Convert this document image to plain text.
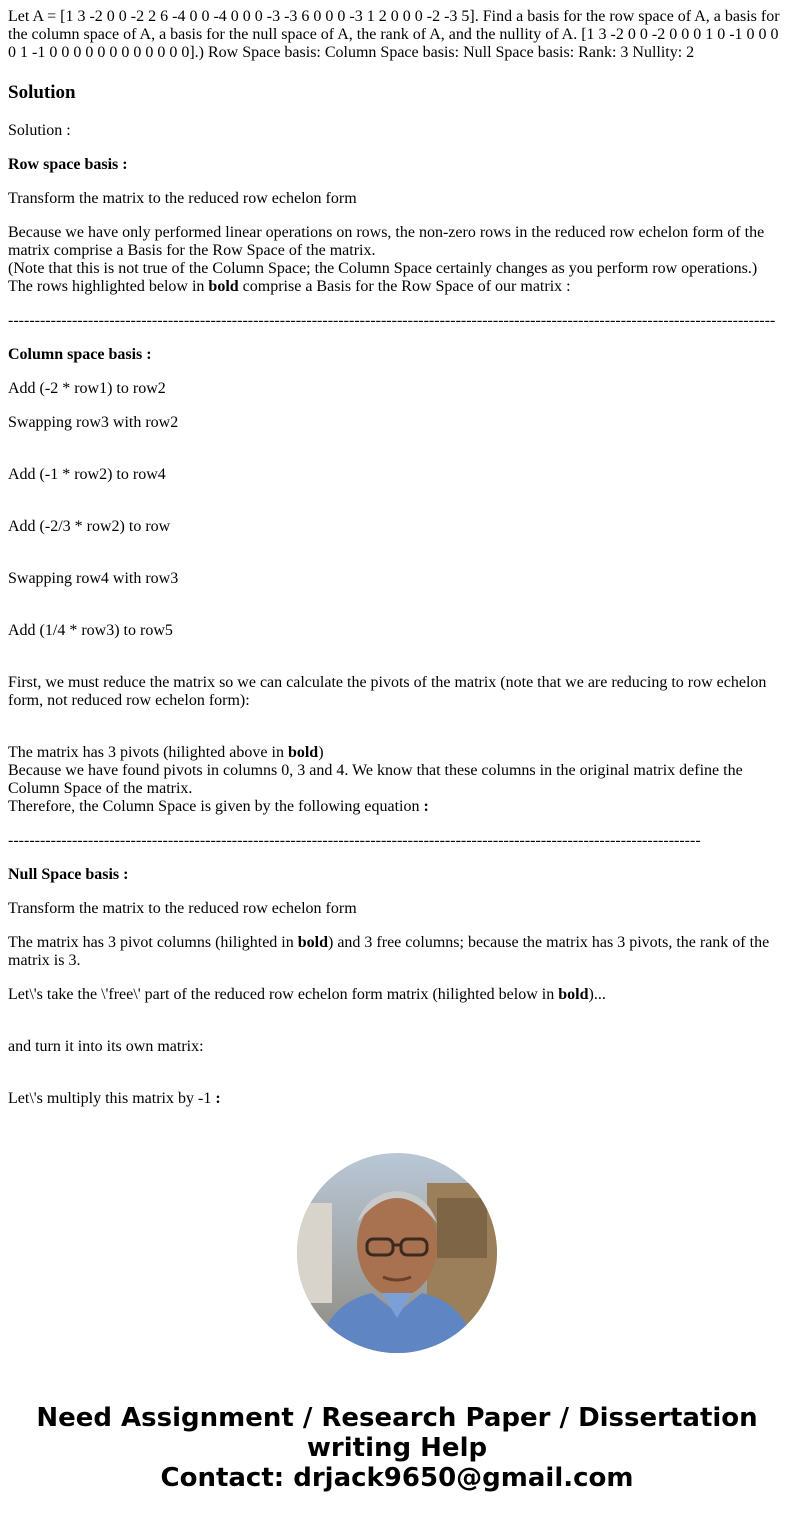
Let A = [1 3 -2 0 0 -2 2 6 -4 0 0 -4 0 0 0 -3 -3 6 0 0 0 -3 1 2 0 0 0 -2 -3 5]. Find a basis for the row space of A, a basis for the column space of A, a basis for the null space of A, the rank of A, and the nullity of A. [1 3 -2 0 0 -2 0 0 0 1 0 -1 0 0 0 0 1 -1 0 0 0 0 0 0 0 0 0 0 0 0].) Row Space basis: Column Space basis: Null Space basis: Rank: 3 Nullity: 2

Solution

Solution :

Row space basis :

Transform the matrix to the reduced row echelon form

Because we have only performed linear operations on rows, the non-zero rows in the reduced row echelon form of the matrix comprise a Basis for the Row Space of the matrix.
(Note that this is not true of the Column Space; the Column Space certainly changes as you perform row operations.)
The rows highlighted below in bold comprise a Basis for the Row Space of our matrix :

------------------------------------------------------------------------------------------------------------------------------------------------

Column space basis :

Add (-2 * row1) to row2

Swapping row3 with row2

Add (-1 * row2) to row4

Add (-2/3 * row2) to row

Swapping row4 with row3

Add (1/4 * row3) to row5

First, we must reduce the matrix so we can calculate the pivots of the matrix (note that we are reducing to row echelon form, not reduced row echelon form):

The matrix has 3 pivots (hilighted above in bold)
Because we have found pivots in columns 0, 3 and 4. We know that these columns in the original matrix define the Column Space of the matrix.
Therefore, the Column Space is given by the following equation :

----------------------------------------------------------------------------------------------------------------------------------

Null Space basis :

Transform the matrix to the reduced row echelon form

The matrix has 3 pivot columns (hilighted in bold) and 3 free columns; because the matrix has 3 pivots, the rank of the matrix is 3.

Let\'s take the \'free\' part of the reduced row echelon form matrix (hilighted below in bold)...

and turn it into its own matrix:

Let\'s multiply this matrix by -1 :

Need Assignment / Research Paper / Dissertation
writing Help
Contact: drjack9650@gmail.com
